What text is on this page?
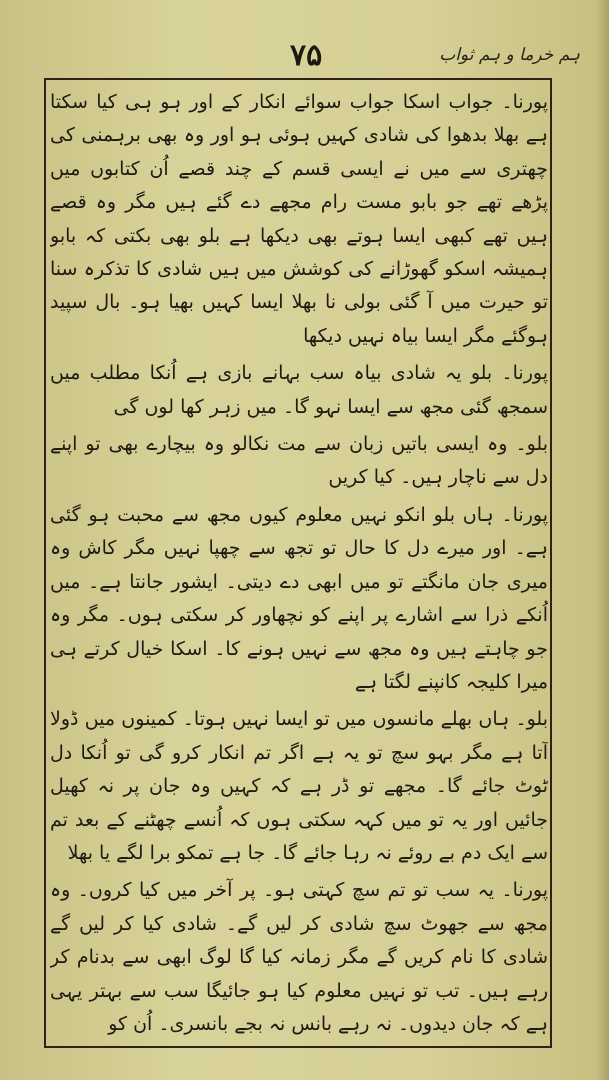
ہم خرما و ہم ثواب
۷۵

پورنا۔ جواب اسکا جواب سوائے انکار کے اور ہو ہی کیا سکتا ہے بھلا بدھوا کی شادی کہیں ہوئی ہو اور وہ بھی برہمنی کی چھتری سے میں نے ایسی قسم کے چند قصے اُن کتابوں میں پڑھے تھے جو بابو مست رام مجھے دے گئے ہیں مگر وہ قصے ہیں تھے کبھی ایسا ہوتے بھی دیکھا ہے بلو بھی بکتی کہ بابو ہمیشہ اسکو گھوڑانے کی کوشش میں ہیں شادی کا تذکرہ سنا تو حیرت میں آ گئی بولی نا بھلا ایسا کہیں بھیا ہو۔ بال سپید ہوگئے مگر ایسا بیاہ نہیں دیکھا

پورنا۔ بلو یہ شادی بیاہ سب بہانے بازی ہے اُنکا مطلب میں سمجھ گئی مجھ سے ایسا نہو گا۔ میں زہر کھا لوں گی

بلو۔ وہ ایسی باتیں زبان سے مت نکالو وہ بیچارے بھی تو اپنے دل سے ناچار ہیں۔ کیا کریں

پورنا۔ ہاں بلو انکو نہیں معلوم کیوں مجھ سے محبت ہو گئی ہے۔ اور میرے دل کا حال تو تجھ سے چھپا نہیں مگر کاش وہ میری جان مانگتے تو میں ابھی دے دیتی۔ ایشور جانتا ہے۔ میں اُنکے ذرا سے اشارے پر اپنے کو نچھاور کر سکتی ہوں۔ مگر وہ جو چاہتے ہیں وہ مجھ سے نہیں ہونے کا۔ اسکا خیال کرتے ہی میرا کلیجہ کانپنے لگتا ہے

بلو۔ ہاں بھلے مانسوں میں تو ایسا نہیں ہوتا۔ کمینوں میں ڈولا آتا ہے مگر بہو سچ تو یہ ہے اگر تم انکار کرو گی تو اُنکا دل ٹوٹ جائے گا۔ مجھے تو ڈر ہے کہ کہیں وہ جان پر نہ کھیل جائیں اور یہ تو میں کہہ سکتی ہوں کہ اُنسے چھٹنے کے بعد تم سے ایک دم بے روئے نہ رہا جائے گا۔ جا ہے تمکو برا لگے یا بھلا

پورنا۔ یہ سب تو تم سچ کہتی ہو۔ پر آخر میں کیا کروں۔ وہ مجھ سے جھوٹ سچ شادی کر لیں گے۔ شادی کیا کر لیں گے شادی کا نام کریں گے مگر زمانہ کیا گا لوگ ابھی سے بدنام کر رہے ہیں۔ تب تو نہیں معلوم کیا ہو جائیگا سب سے بہتر یہی ہے کہ جان دیدوں۔ نہ رہے بانس نہ بجے بانسری۔ اُن کو
